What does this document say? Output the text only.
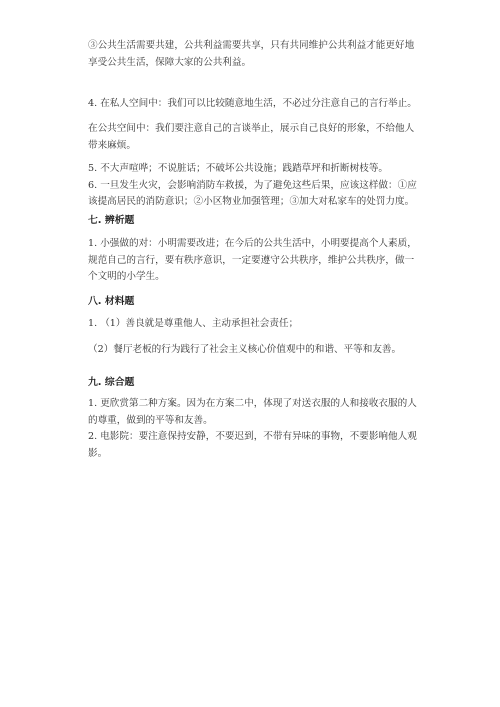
③公共生活需要共建，公共利益需要共享，只有共同维护公共利益才能更好地
享受公共生活，保障大家的公共利益。

4. 在私人空间中：我们可以比较随意地生活，不必过分注意自己的言行举止。

在公共空间中：我们要注意自己的言谈举止，展示自己良好的形象，不给他人
带来麻烦。

5. 不大声喧哗；不说脏话；不破坏公共设施；践踏草坪和折断树枝等。
6. 一旦发生火灾，会影响消防车救援，为了避免这些后果，应该这样做：①应
该提高居民的消防意识；②小区物业加强管理；③加大对私家车的处罚力度。

七. 辨析题

1. 小强做的对：小明需要改进；在今后的公共生活中，小明要提高个人素质，
规范自己的言行，要有秩序意识，一定要遵守公共秩序，维护公共秩序，做一
个文明的小学生。

八. 材料题

1. （1）善良就是尊重他人、主动承担社会责任；

（2）餐厅老板的行为践行了社会主义核心价值观中的和谐、平等和友善。

九. 综合题

1. 更欣赏第二种方案。因为在方案二中，体现了对送衣服的人和接收衣服的人
的尊重，做到的平等和友善。
2. 电影院：要注意保持安静，不要迟到，不带有异味的事物，不要影响他人观
影。
